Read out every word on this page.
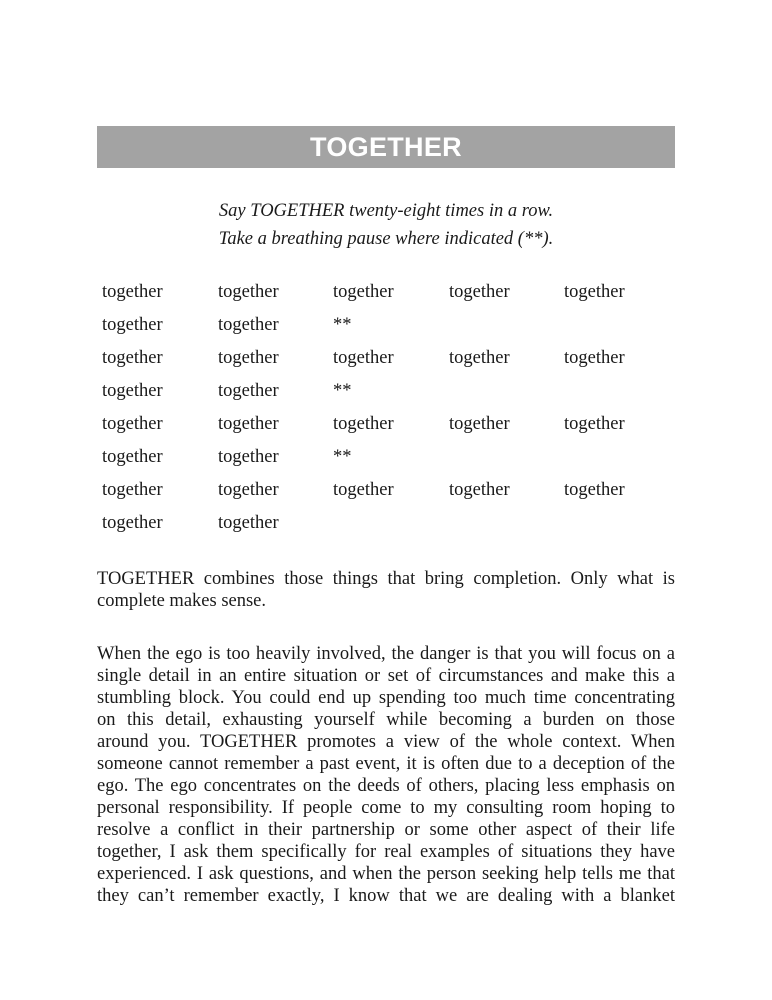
TOGETHER
Say TOGETHER twenty-eight times in a row.
Take a breathing pause where indicated (**).
together	together	together	together	together
together	together	**
together	together	together	together	together
together	together	**
together	together	together	together	together
together	together	**
together	together	together	together	together
together	together
TOGETHER combines those things that bring completion. Only what is
complete makes sense.
When the ego is too heavily involved, the danger is that you will focus on a
single detail in an entire situation or set of circumstances and make this a
stumbling block. You could end up spending too much time concentrating
on this detail, exhausting yourself while becoming a burden on those
around you. TOGETHER promotes a view of the whole context. When
someone cannot remember a past event, it is often due to a deception of the
ego. The ego concentrates on the deeds of others, placing less emphasis on
personal responsibility. If people come to my consulting room hoping to
resolve a conflict in their partnership or some other aspect of their life
together, I ask them specifically for real examples of situations they have
experienced. I ask questions, and when the person seeking help tells me that
they can’t remember exactly, I know that we are dealing with a blanket
